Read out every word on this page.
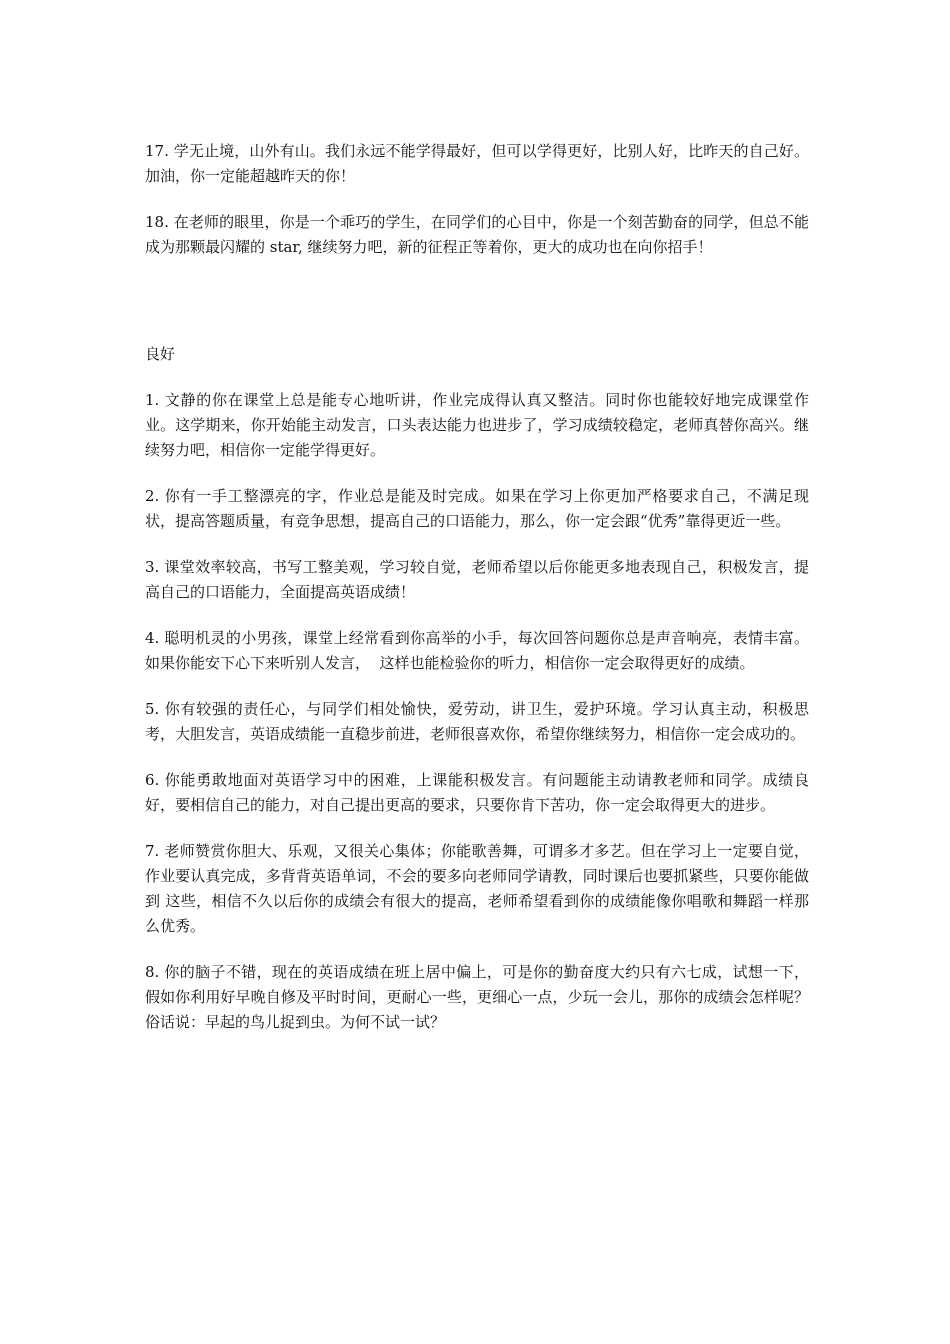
17. 学无止境，山外有山。我们永远不能学得最好，但可以学得更好，比别人好，比昨天的自己好。加油，你一定能超越昨天的你！

18. 在老师的眼里，你是一个乖巧的学生，在同学们的心目中，你是一个刻苦勤奋的同学，但总不能成为那颗最闪耀的 star, 继续努力吧，新的征程正等着你，更大的成功也在向你招手！

良好

1. 文静的你在课堂上总是能专心地听讲，作业完成得认真又整洁。同时你也能较好地完成课堂作业。这学期来，你开始能主动发言，口头表达能力也进步了，学习成绩较稳定，老师真替你高兴。继续努力吧，相信你一定能学得更好。

2. 你有一手工整漂亮的字，作业总是能及时完成。如果在学习上你更加严格要求自己，不满足现状，提高答题质量，有竞争思想，提高自己的口语能力，那么，你一定会跟“优秀”靠得更近一些。

3. 课堂效率较高，书写工整美观，学习较自觉，老师希望以后你能更多地表现自己，积极发言，提高自己的口语能力，全面提高英语成绩！

4. 聪明机灵的小男孩，课堂上经常看到你高举的小手，每次回答问题你总是声音响亮，表情丰富。如果你能安下心下来听别人发言，  这样也能检验你的听力，相信你一定会取得更好的成绩。

5. 你有较强的责任心，与同学们相处愉快，爱劳动，讲卫生，爱护环境。学习认真主动，积极思考，大胆发言，英语成绩能一直稳步前进，老师很喜欢你，希望你继续努力，相信你一定会成功的。

6. 你能勇敢地面对英语学习中的困难，上课能积极发言。有问题能主动请教老师和同学。成绩良好，要相信自己的能力，对自己提出更高的要求，只要你肯下苦功，你一定会取得更大的进步。

7. 老师赞赏你胆大、乐观，又很关心集体；你能歌善舞，可谓多才多艺。但在学习上一定要自觉，作业要认真完成，多背背英语单词，不会的要多向老师同学请教，同时课后也要抓紧些，只要你能做到 这些，相信不久以后你的成绩会有很大的提高，老师希望看到你的成绩能像你唱歌和舞蹈一样那么优秀。

8. 你的脑子不错，现在的英语成绩在班上居中偏上，可是你的勤奋度大约只有六七成，试想一下，假如你利用好早晚自修及平时时间，更耐心一些，更细心一点，少玩一会儿，那你的成绩会怎样呢？俗话说：早起的鸟儿捉到虫。为何不试一试？
